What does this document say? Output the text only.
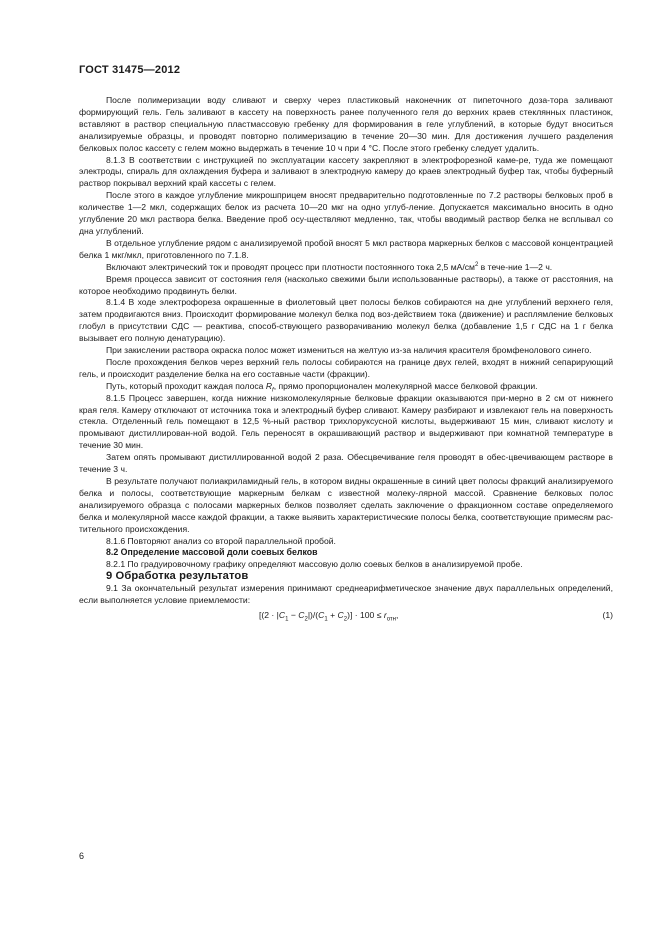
ГОСТ 31475—2012

После полимеризации воду сливают и сверху через пластиковый наконечник от пипеточного доза-тора заливают формирующий гель. Гель заливают в кассету на поверхность ранее полученного геля до верхних краев стеклянных пластинок, вставляют в раствор специальную пластмассовую гребенку для формирования в геле углублений, в которые будут вноситься анализируемые образцы, и проводят повторно полимеризацию в течение 20—30 мин. Для достижения лучшего разделения белковых полос кассету с гелем можно выдержать в течение 10 ч при 4 °С. После этого гребенку следует удалить.

8.1.3 В соответствии с инструкцией по эксплуатации кассету закрепляют в электрофорезной каме-ре, туда же помещают электроды, спираль для охлаждения буфера и заливают в электродную камеру до краев электродный буфер так, чтобы буферный раствор покрывал верхний край кассеты с гелем.

После этого в каждое углубление микрошприцем вносят предварительно подготовленные по 7.2 растворы белковых проб в количестве 1—2 мкл, содержащих белок из расчета 10—20 мкг на одно углуб-ление. Допускается максимально вносить в одно углубление 20 мкл раствора белка. Введение проб осу-ществляют медленно, так, чтобы вводимый раствор белка не всплывал со дна углублений.

В отдельное углубление рядом с анализируемой пробой вносят 5 мкл раствора маркерных белков с массовой концентрацией белка 1 мкг/мкл, приготовленного по 7.1.8.

Включают электрический ток и проводят процесс при плотности постоянного тока 2,5 $мА/см^2$ в тече-ние 1—2 ч.

Время процесса зависит от состояния геля (насколько свежими были использованные растворы), а также от расстояния, на которое необходимо продвинуть белки.

8.1.4 В ходе электрофореза окрашенные в фиолетовый цвет полосы белков собираются на дне углублений верхнего геля, затем продвигаются вниз. Происходит формирование молекул белка под воз-действием тока (движение) и расплямление белковых глобул в присутствии СДС — реактива, способ-ствующего разворачиванию молекул белка (добавление 1,5 г СДС на 1 г белка вызывает его полную денатурацию).

При закислении раствора окраска полос может измениться на желтую из-за наличия красителя бромфенолового синего.

После прохождения белков через верхний гель полосы собираются на границе двух гелей, входят в нижний сепарирующий гель, и происходит разделение белка на его составные части (фракции).

Путь, который проходит каждая полоса $R_f$, прямо пропорционален молекулярной массе белковой фракции.

8.1.5 Процесс завершен, когда нижние низкомолекулярные белковые фракции оказываются при-мерно в 2 см от нижнего края геля. Камеру отключают от источника тока и электродный буфер сливают. Камеру разбирают и извлекают гель на поверхность стекла. Отделенный гель помещают в 12,5 %-ный раствор трихлоруксусной кислоты, выдерживают 15 мин, сливают кислоту и промывают дистиллирован-ной водой. Гель переносят в окрашивающий раствор и выдерживают при комнатной температуре в течение 30 мин.

Затем опять промывают дистиллированной водой 2 раза. Обесцвечивание геля проводят в обес-цвечивающем растворе в течение 3 ч.

В результате получают полиакриламидный гель, в котором видны окрашенные в синий цвет полосы фракций анализируемого белка и полосы, соответствующие маркерным белкам с известной молеку-лярной массой. Сравнение белковых полос анализируемого образца с полосами маркерных белков позволяет сделать заключение о фракционном составе определяемого белка и молекулярной массе каждой фракции, а также выявить характеристические полосы белка, соответствующие примесям рас-тительного происхождения.

8.1.6 Повторяют анализ со второй параллельной пробой.

8.2 Определение массовой доли соевых белков

8.2.1 По градуировочному графику определяют массовую долю соевых белков в анализируемой пробе.

9 Обработка результатов

9.1 За окончательный результат измерения принимают среднеарифметическое значение двух параллельных определений, если выполняется условие приемлемости:

$[(2 \cdot |C_1 - C_2|)/(C_1 + C_2)] \cdot 100 \le r_{отн}$,	(1)
6
